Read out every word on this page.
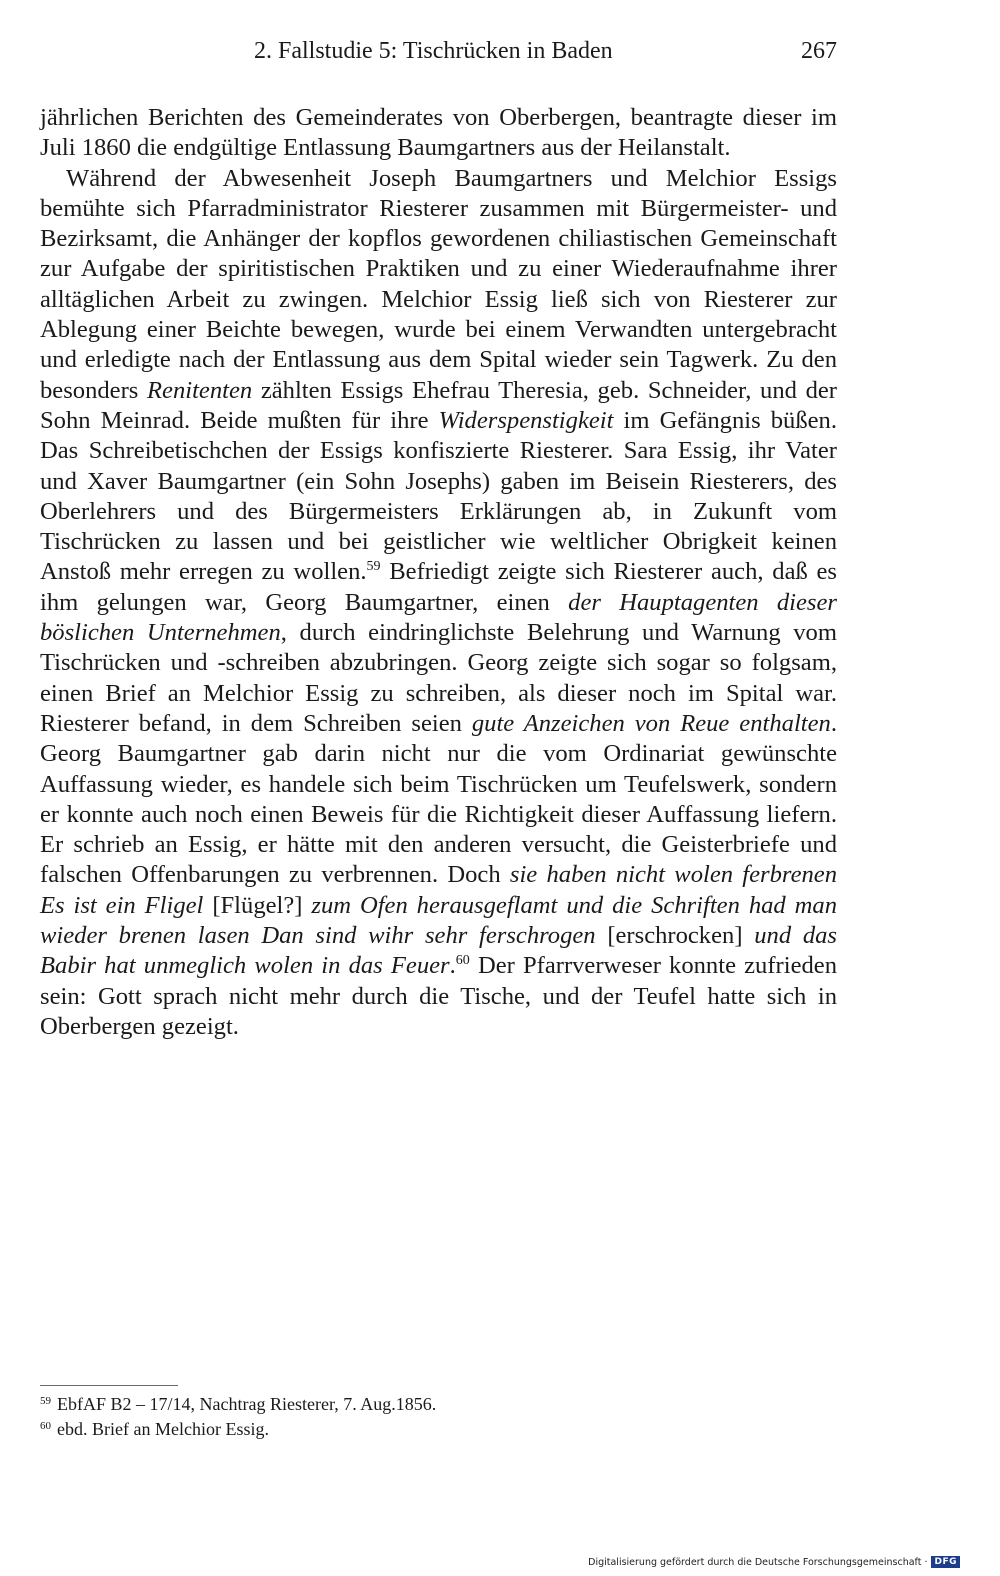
2. Fallstudie 5: Tischrücken in Baden	267

jährlichen Berichten des Gemeinderates von Oberbergen, beantragte dieser im Juli 1860 die endgültige Entlassung Baumgartners aus der Heilanstalt.

Während der Abwesenheit Joseph Baumgartners und Melchior Essigs bemühte sich Pfarradministrator Riesterer zusammen mit Bürgermeister- und Bezirksamt, die Anhänger der kopflos gewordenen chiliastischen Gemeinschaft zur Aufgabe der spiritistischen Praktiken und zu einer Wiederaufnahme ihrer alltäglichen Arbeit zu zwingen. Melchior Essig ließ sich von Riesterer zur Ablegung einer Beichte bewegen, wurde bei einem Verwandten untergebracht und erledigte nach der Entlassung aus dem Spital wieder sein Tagwerk. Zu den besonders Renitenten zählten Essigs Ehefrau Theresia, geb. Schneider, und der Sohn Meinrad. Beide mußten für ihre Widerspenstigkeit im Gefängnis büßen. Das Schreibetischchen der Essigs konfiszierte Riesterer. Sara Essig, ihr Vater und Xaver Baumgartner (ein Sohn Josephs) gaben im Beisein Riesterers, des Oberlehrers und des Bürgermeisters Erklärungen ab, in Zukunft vom Tischrücken zu lassen und bei geistlicher wie weltlicher Obrigkeit keinen Anstoß mehr erregen zu wollen.$^{59}$ Befriedigt zeigte sich Riesterer auch, daß es ihm gelungen war, Georg Baumgartner, einen der Hauptagenten dieser böslichen Unternehmen, durch eindringlichste Belehrung und Warnung vom Tischrücken und -schreiben abzubringen. Georg zeigte sich sogar so folgsam, einen Brief an Melchior Essig zu schreiben, als dieser noch im Spital war. Riesterer befand, in dem Schreiben seien gute Anzeichen von Reue enthalten. Georg Baumgartner gab darin nicht nur die vom Ordinariat gewünschte Auffassung wieder, es handele sich beim Tischrücken um Teufelswerk, sondern er konnte auch noch einen Beweis für die Richtigkeit dieser Auffassung liefern. Er schrieb an Essig, er hätte mit den anderen versucht, die Geisterbriefe und falschen Offenbarungen zu verbrennen. Doch sie haben nicht wolen ferbrenen Es ist ein Fligel [Flügel?] zum Ofen herausgeflamt und die Schriften had man wieder brenen lasen Dan sind wihr sehr ferschrogen [erschrocken] und das Babir hat unmeglich wolen in das Feuer.$^{60}$ Der Pfarrverweser konnte zufrieden sein: Gott sprach nicht mehr durch die Tische, und der Teufel hatte sich in Oberbergen gezeigt.

$^{59}$ EbfAF B2 – 17/14, Nachtrag Riesterer, 7. Aug.1856.
$^{60}$ ebd. Brief an Melchior Essig.
Digitalisierung gefördert durch die Deutsche Forschungsgemeinschaft · DFG
